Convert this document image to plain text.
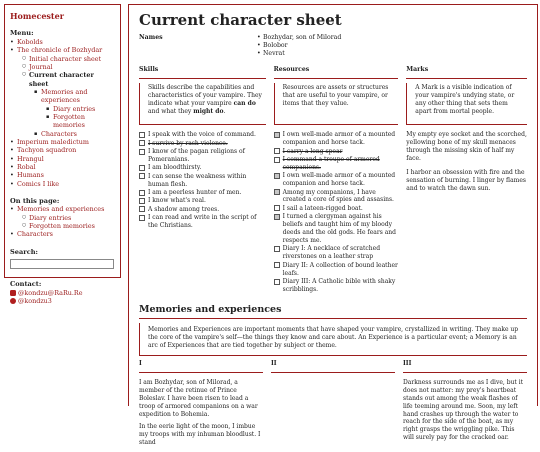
Homecester
Menu:
• Kobolds
• The chronicle of Bozhydar
○ Initial character sheet
○ Journal
○ Current character sheet
▪ Memories and experiences
▪ Diary entries
▪ Forgotten memories
▪ Characters
• Imperium maledictum
• Tachyon squadron
• Hrangul
• Robal
• Humans
• Comics I like
On this page:
• Memories and experiences
○ Diary entries
○ Forgotten memories
• Characters
Search:
Contact:
@kondzu@RaRu.Re
@kondzu3
Current character sheet
Names
•	Bozhydar, son of Milorad
• Bolobor
• Nevrat
Skills
Skills describe the capabilities and characteristics of your vampire. They indicate what your vampire can do and what they might do.
I speak with the voice of command.
I survive by rash violence.
I know of the pagan religions of Pomeranians.
I am bloodthirsty.
I can sense the weakness within human flesh.
I am a peerless hunter of men.
I know what's real.
A shadow among trees.
I can read and write in the script of the Christians.
Resources
Resources are assets or structures that are useful to your vampire, or items that they value.
I own well-made armor of a mounted companion and horse tack.
I carry a long spear
I command a troupe of armored companions.
I own well-made armor of a mounted companion and horse tack.
Among my companions, I have created a core of spies and assasins.
I sail a lateen-rigged boat.
I turned a clergyman against his beliefs and taught him of my bloody deeds and the old gods. He fears and respects me.
Diary I: A necklace of scratched riverstones on a leather strap
Diary II: A collection of bound leather leafs.
Diary III: A Catholic bible with shaky scribblings.
Marks
A Mark is a visible indication of your vampire's undying state, or any other thing that sets them apart from mortal people.

My empty eye socket and the scorched, yellowing bone of my skull menaces through the missing skin of half my face.

I harbor an obsession with fire and the sensation of burning. I linger by flames and to watch the dawn sun.

Memories and experiences
Memories and Experiences are important moments that have shaped your vampire, crystallized in writing. They make up the core of the vampire's self—the things they know and care about. An Experience is a particular event; a Memory is an arc of Experiences that are tied together by subject or theme.
I

I am Bozhydar, son of Milorad, a member of the retinue of Prince Boleslav. I have been risen to lead a troop of armored companions on a war expedition to Bohemia.

In the eerie light of the moon, I imbue my troops with my inhuman bloodlust. I stand

II	III

Darkness surrounds me as I dive, but it does not matter: my prey's heartbeat stands out among the weak flashes of life teeming around me. Soon, my left hand crashes up through the water to reach for the side of the boat, as my right grasps the wriggling pike. This will surely pay for the cracked oar.
